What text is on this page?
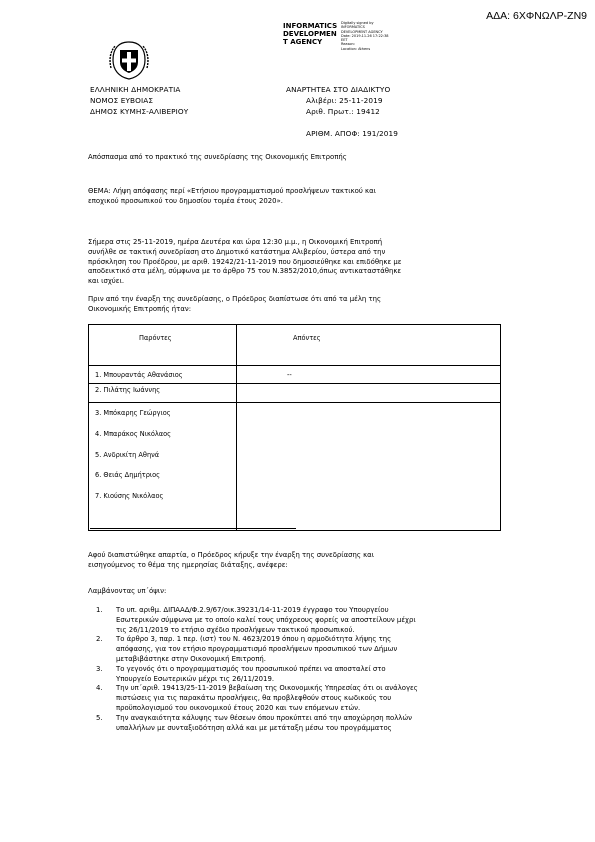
ΑΔΑ: 6ΧΦΝΩΛΡ-ΖΝ9
INFORMATICS
DEVELOPMEN
T AGENCY
Digitally signed by
INFORMATICS
DEVELOPMENT AGENCY
Date: 2019.11.26 17:22:38
EET
Reason:
Location: Athens
ΕΛΛΗΝΙΚΗ ΔΗΜΟΚΡΑΤΙΑ
ΝΟΜΟΣ ΕΥΒΟΙΑΣ
ΔΗΜΟΣ ΚΥΜΗΣ-ΑΛΙΒΕΡΙΟΥ
ΑΝΑΡΤΗΤΕΑ ΣΤΟ ΔΙΑΔΙΚΤΥΟ
Αλιβέρι: 25-11-2019
Αριθ. Πρωτ.: 19412
ΑΡΙΘΜ. ΑΠΟΦ: 191/2019
Απόσπασμα από το πρακτικό της συνεδρίασης της Οικονομικής Επιτροπής
ΘΕΜΑ: Λήψη απόφασης περί «Ετήσιου προγραμματισμού προσλήψεων τακτικού και
εποχικού προσωπικού του δημοσίου τομέα έτους 2020».
Σήμερα στις 25-11-2019, ημέρα Δευτέρα και ώρα 12:30 μ.μ., η Οικονομική Επιτροπή
συνήλθε σε τακτική συνεδρίαση στο Δημοτικό κατάστημα Αλιβερίου, ύστερα από την
πρόσκληση του Προέδρου, με αριθ. 19242/21-11-2019 που δημοσιεύθηκε και επιδόθηκε με
αποδεικτικό στα μέλη, σύμφωνα με το άρθρο 75 του Ν.3852/2010,όπως αντικαταστάθηκε
και ισχύει.
Πριν από την έναρξη της συνεδρίασης, ο Πρόεδρος διαπίστωσε ότι από τα μέλη της
Οικονομικής Επιτροπής ήταν:
Παρόντες	Απόντες
1. Μπουραντάς Αθανάσιος	--
2. Πιλάτης Ιωάννης	

3. Μπόκαρης Γεώργιος
4. Μπαράκος Νικόλαος
5. Ανδρικίτη Αθηνά
6. Θειάς Δημήτριος
7. Κιούσης Νικόλαος	

Αφού διαπιστώθηκε απαρτία, ο Πρόεδρος κήρυξε την έναρξη της συνεδρίασης και
εισηγούμενος το θέμα της ημερησίας διάταξης, ανέφερε:
Λαμβάνοντας υπ΄όψιν:
1. Το υπ. αριθμ. ΔΙΠΑΑΔ/Φ.2.9/67/οικ.39231/14-11-2019 έγγραφο του Υπουργείου
Εσωτερικών σύμφωνα με το οποίο καλεί τους υπόχρεους φορείς να αποστείλουν μέχρι
τις 26/11/2019 το ετήσιο σχέδιο προσλήψεων τακτικού προσωπικού.
2. Το άρθρο 3, παρ. 1 περ. (ιστ) του Ν. 4623/2019 όπου η αρμοδιότητα λήψης της
απόφασης, για τον ετήσιο προγραμματισμό προσλήψεων προσωπικού των Δήμων
μεταβιβάστηκε στην Οικονομική Επιτροπή.
3. Το γεγονός ότι ο προγραμματισμός του προσωπικού πρέπει να αποσταλεί στο
Υπουργείο Εσωτερικών μέχρι τις 26/11/2019.
4. Την υπ΄αριθ. 19413/25-11-2019 βεβαίωση της Οικονομικής Υπηρεσίας ότι οι ανάλογες
πιστώσεις για τις παρακάτω προσλήψεις, θα προβλεφθούν στους κωδικούς του
προϋπολογισμού του οικονομικού έτους 2020 και των επόμενων ετών.
5. Την αναγκαιότητα κάλυψης των θέσεων όπου προκύπτει από την αποχώρηση πολλών
υπαλλήλων με συνταξιοδότηση αλλά και με μετάταξη μέσω του προγράμματος
